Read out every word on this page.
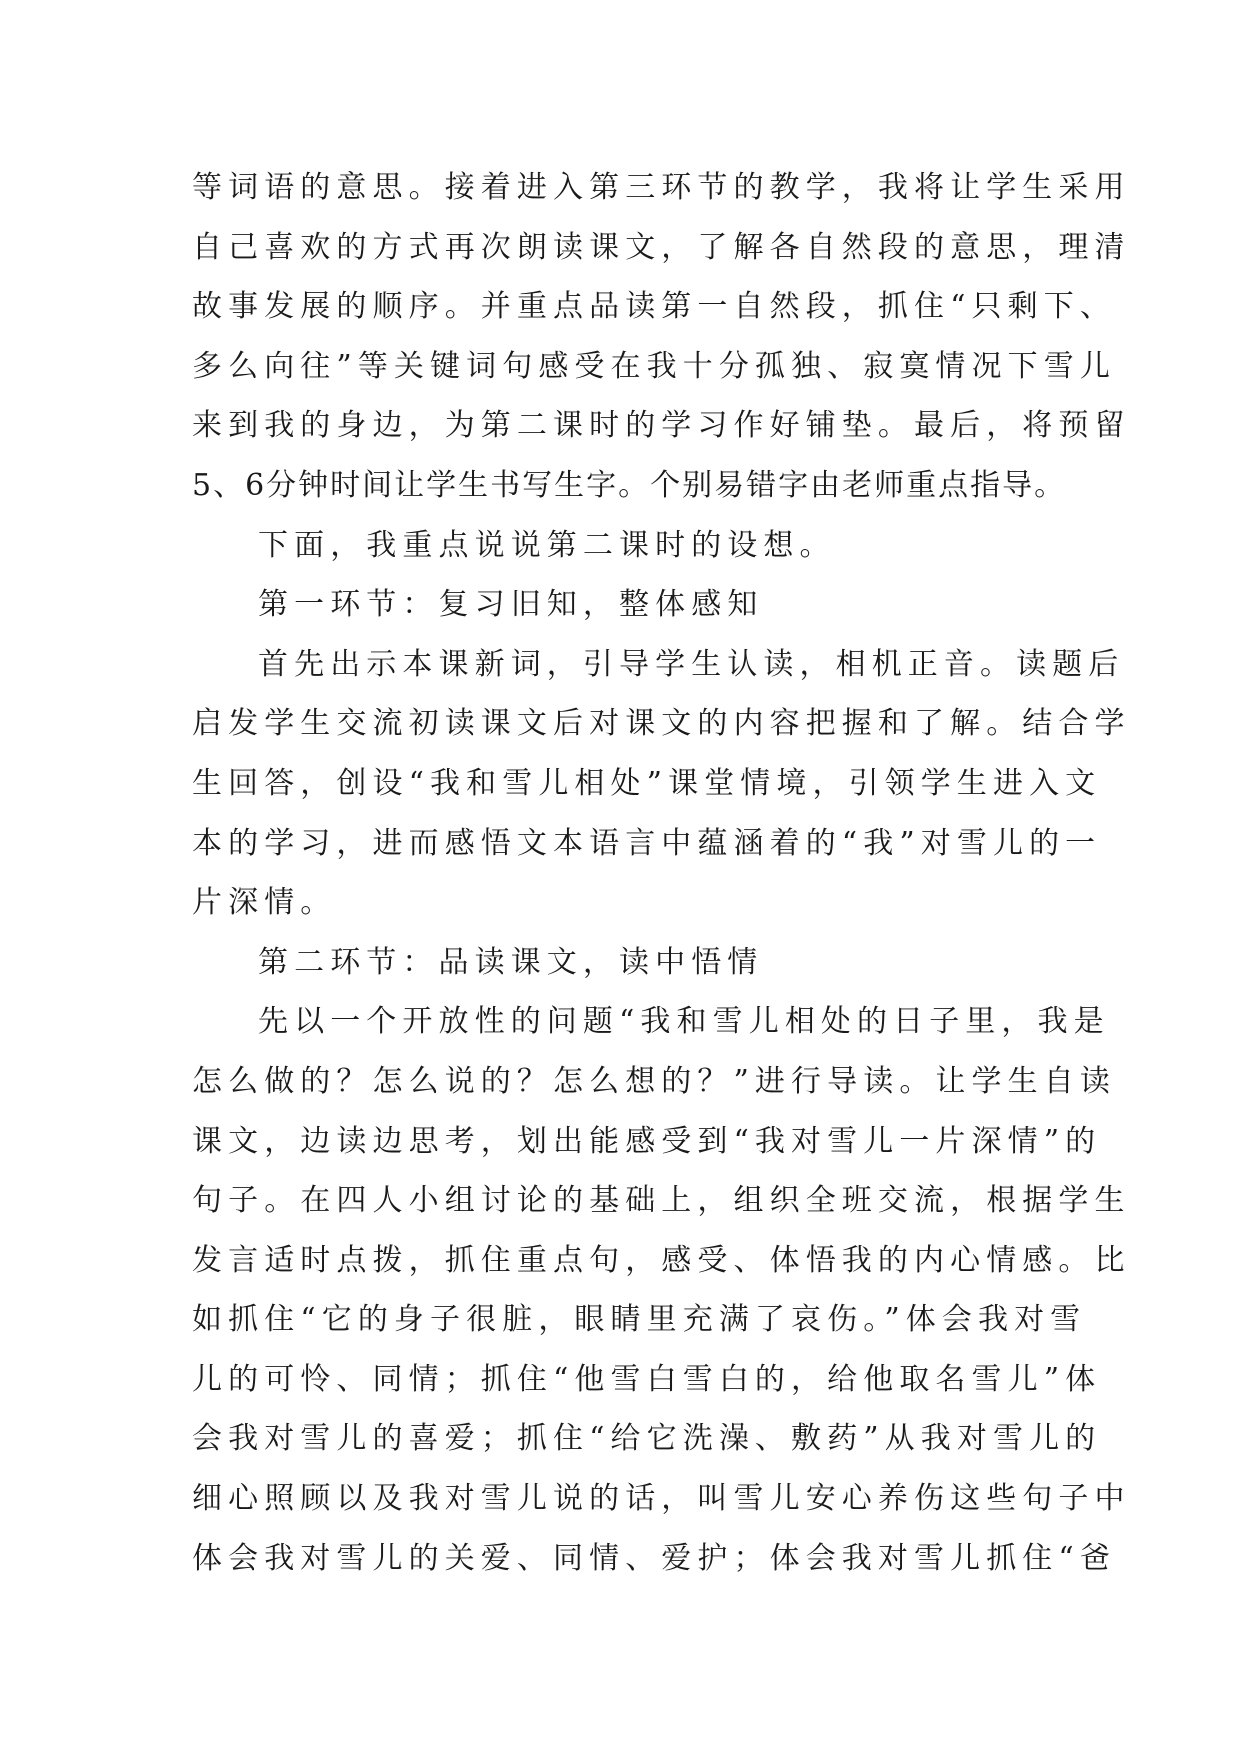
等词语的意思。接着进入第三环节的教学，我将让学生采用
自己喜欢的方式再次朗读课文，了解各自然段的意思，理清
故事发展的顺序。并重点品读第一自然段，抓住“只剩下、
多么向往”等关键词句感受在我十分孤独、寂寞情况下雪儿
来到我的身边，为第二课时的学习作好铺垫。最后，将预留
5、6分钟时间让学生书写生字。个别易错字由老师重点指导。
下面，我重点说说第二课时的设想。
第一环节：复习旧知，整体感知
首先出示本课新词，引导学生认读，相机正音。读题后
启发学生交流初读课文后对课文的内容把握和了解。结合学
生回答，创设“我和雪儿相处”课堂情境，引领学生进入文
本的学习，进而感悟文本语言中蕴涵着的“我”对雪儿的一
片深情。
第二环节：品读课文，读中悟情
先以一个开放性的问题“我和雪儿相处的日子里，我是
怎么做的？怎么说的？怎么想的？”进行导读。让学生自读
课文，边读边思考，划出能感受到“我对雪儿一片深情”的
句子。在四人小组讨论的基础上，组织全班交流，根据学生
发言适时点拨，抓住重点句，感受、体悟我的内心情感。比
如抓住“它的身子很脏，眼睛里充满了哀伤。”体会我对雪
儿的可怜、同情；抓住“他雪白雪白的，给他取名雪儿”体
会我对雪儿的喜爱；抓住“给它洗澡、敷药”从我对雪儿的
细心照顾以及我对雪儿说的话，叫雪儿安心养伤这些句子中
体会我对雪儿的关爱、同情、爱护；体会我对雪儿抓住“爸
